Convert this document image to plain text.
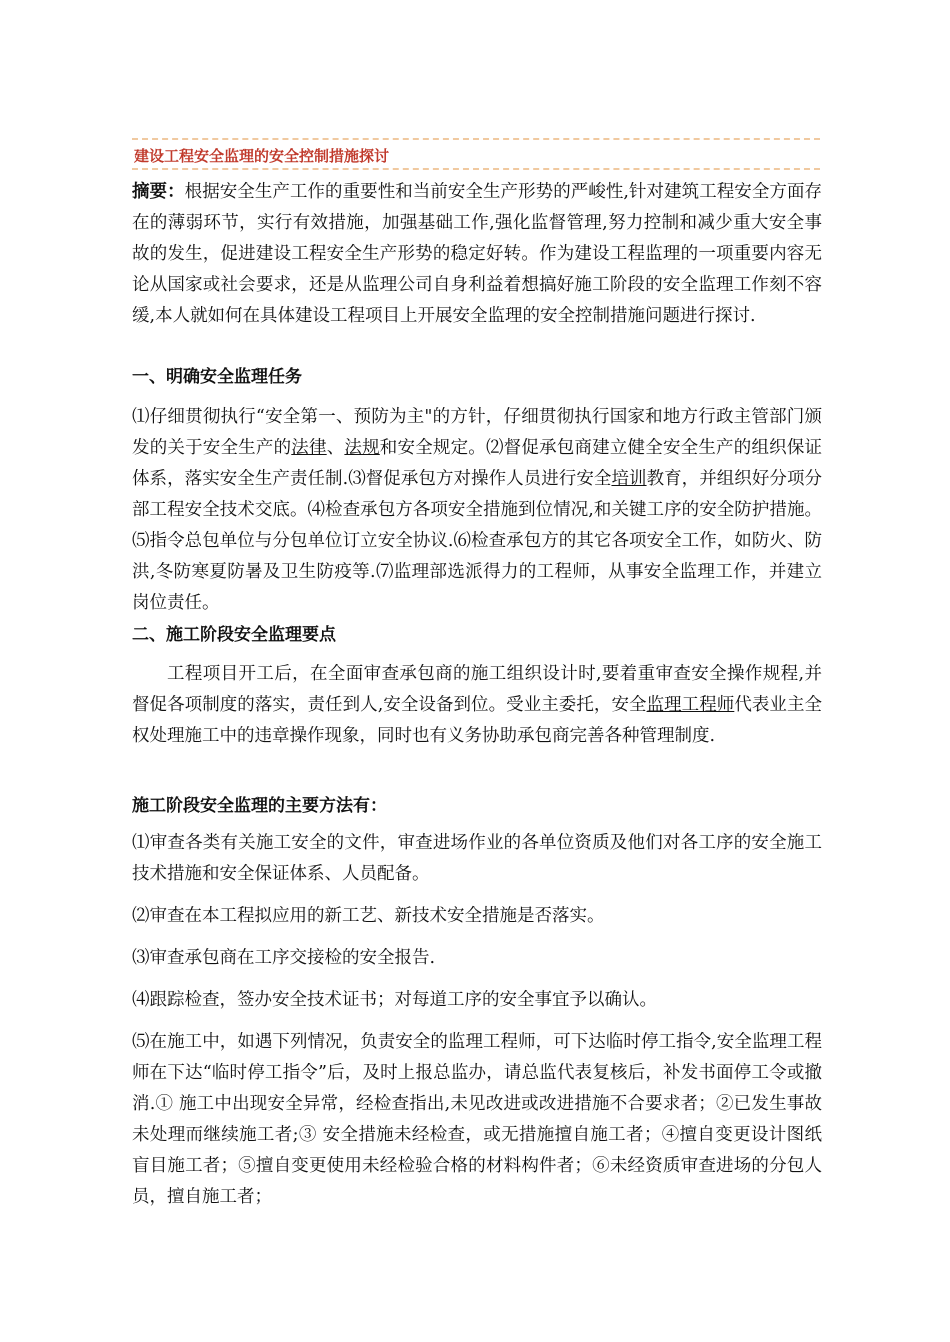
建设工程安全监理的安全控制措施探讨
摘要：根据安全生产工作的重要性和当前安全生产形势的严峻性,针对建筑工程安全方面存在的薄弱环节，实行有效措施，加强基础工作,强化监督管理,努力控制和减少重大安全事故的发生，促进建设工程安全生产形势的稳定好转。作为建设工程监理的一项重要内容无论从国家或社会要求，还是从监理公司自身利益着想搞好施工阶段的安全监理工作刻不容缓,本人就如何在具体建设工程项目上开展安全监理的安全控制措施问题进行探讨.
一、明确安全监理任务
⑴仔细贯彻执行“安全第一、预防为主"的方针，仔细贯彻执行国家和地方行政主管部门颁发的关于安全生产的法律、法规和安全规定。⑵督促承包商建立健全安全生产的组织保证体系，落实安全生产责任制.⑶督促承包方对操作人员进行安全培训教育，并组织好分项分部工程安全技术交底。⑷检查承包方各项安全措施到位情况,和关键工序的安全防护措施。⑸指令总包单位与分包单位订立安全协议.⑹检查承包方的其它各项安全工作，如防火、防洪,冬防寒夏防暑及卫生防疫等.⑺监理部选派得力的工程师，从事安全监理工作，并建立岗位责任。
二、施工阶段安全监理要点
工程项目开工后，在全面审查承包商的施工组织设计时,要着重审查安全操作规程,并督促各项制度的落实，责任到人,安全设备到位。受业主委托，安全监理工程师代表业主全权处理施工中的违章操作现象，同时也有义务协助承包商完善各种管理制度.
施工阶段安全监理的主要方法有：
⑴审查各类有关施工安全的文件，审查进场作业的各单位资质及他们对各工序的安全施工技术措施和安全保证体系、人员配备。
⑵审查在本工程拟应用的新工艺、新技术安全措施是否落实。
⑶审查承包商在工序交接检的安全报告.
⑷跟踪检查，签办安全技术证书；对每道工序的安全事宜予以确认。
⑸在施工中，如遇下列情况，负责安全的监理工程师，可下达临时停工指令,安全监理工程师在下达“临时停工指令”后，及时上报总监办，请总监代表复核后，补发书面停工令或撤消.① 施工中出现安全异常，经检查指出,未见改进或改进措施不合要求者；②已发生事故未处理而继续施工者;③ 安全措施未经检查，或无措施擅自施工者；④擅自变更设计图纸盲目施工者；⑤擅自变更使用未经检验合格的材料构件者；⑥未经资质审查进场的分包人员，擅自施工者；
